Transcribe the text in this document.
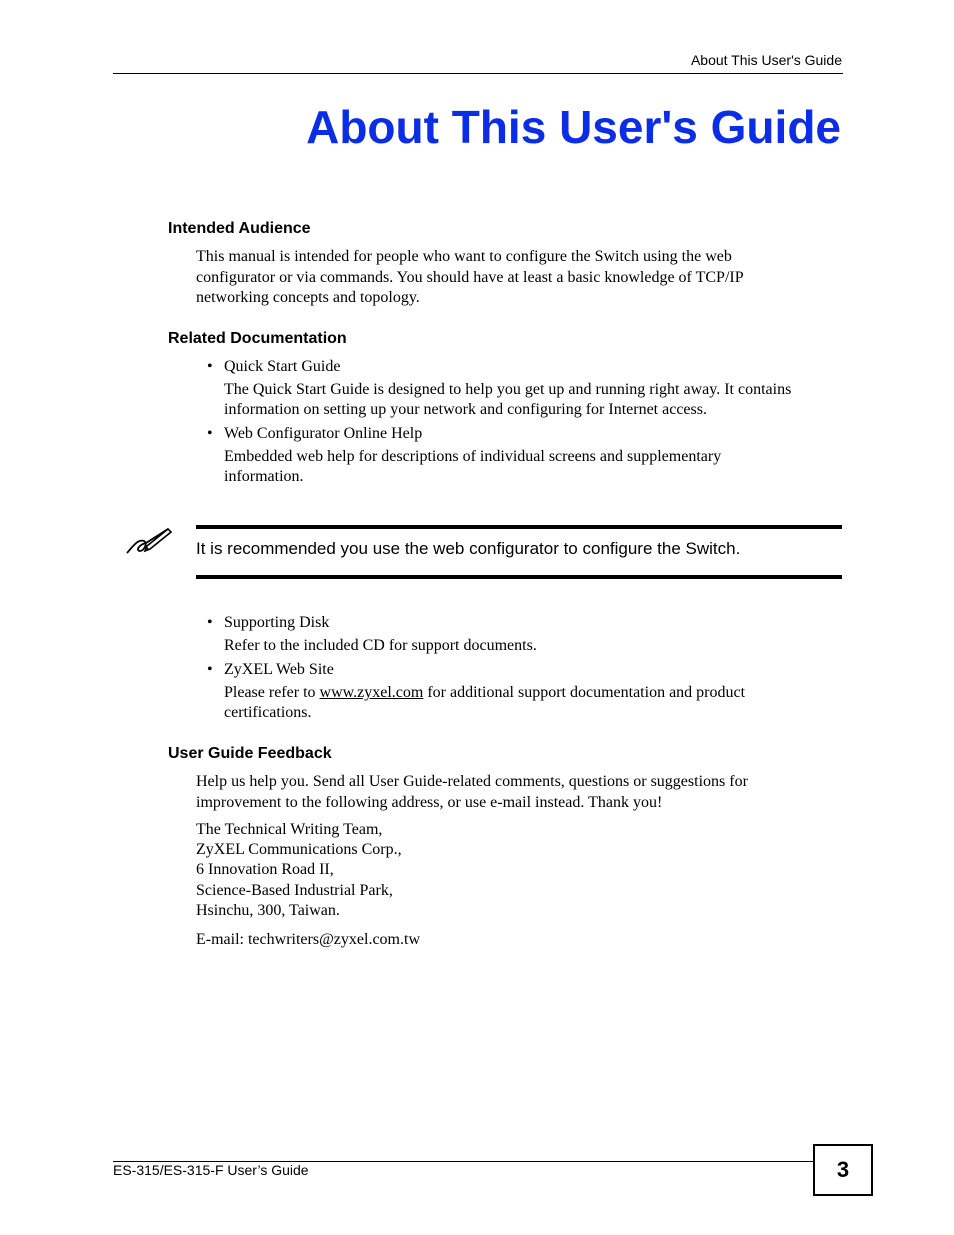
About This User's Guide
About This User's Guide
Intended Audience

This manual is intended for people who want to configure the Switch using the web
configurator or via commands. You should have at least a basic knowledge of TCP/IP
networking concepts and topology.

Related Documentation
• Quick Start Guide

The Quick Start Guide is designed to help you get up and running right away. It contains
information on setting up your network and configuring for Internet access.

• Web Configurator Online Help

Embedded web help for descriptions of individual screens and supplementary
information.

It is recommended you use the web configurator to configure the Switch.
• Supporting Disk

Refer to the included CD for support documents.

• ZyXEL Web Site

Please refer to www.zyxel.com for additional support documentation and product
certifications.

User Guide Feedback

Help us help you. Send all User Guide-related comments, questions or suggestions for
improvement to the following address, or use e-mail instead. Thank you!

The Technical Writing Team,
ZyXEL Communications Corp.,
6 Innovation Road II,
Science-Based Industrial Park,
Hsinchu, 300, Taiwan.

E-mail: techwriters@zyxel.com.tw

ES-315/ES-315-F User’s Guide	3
